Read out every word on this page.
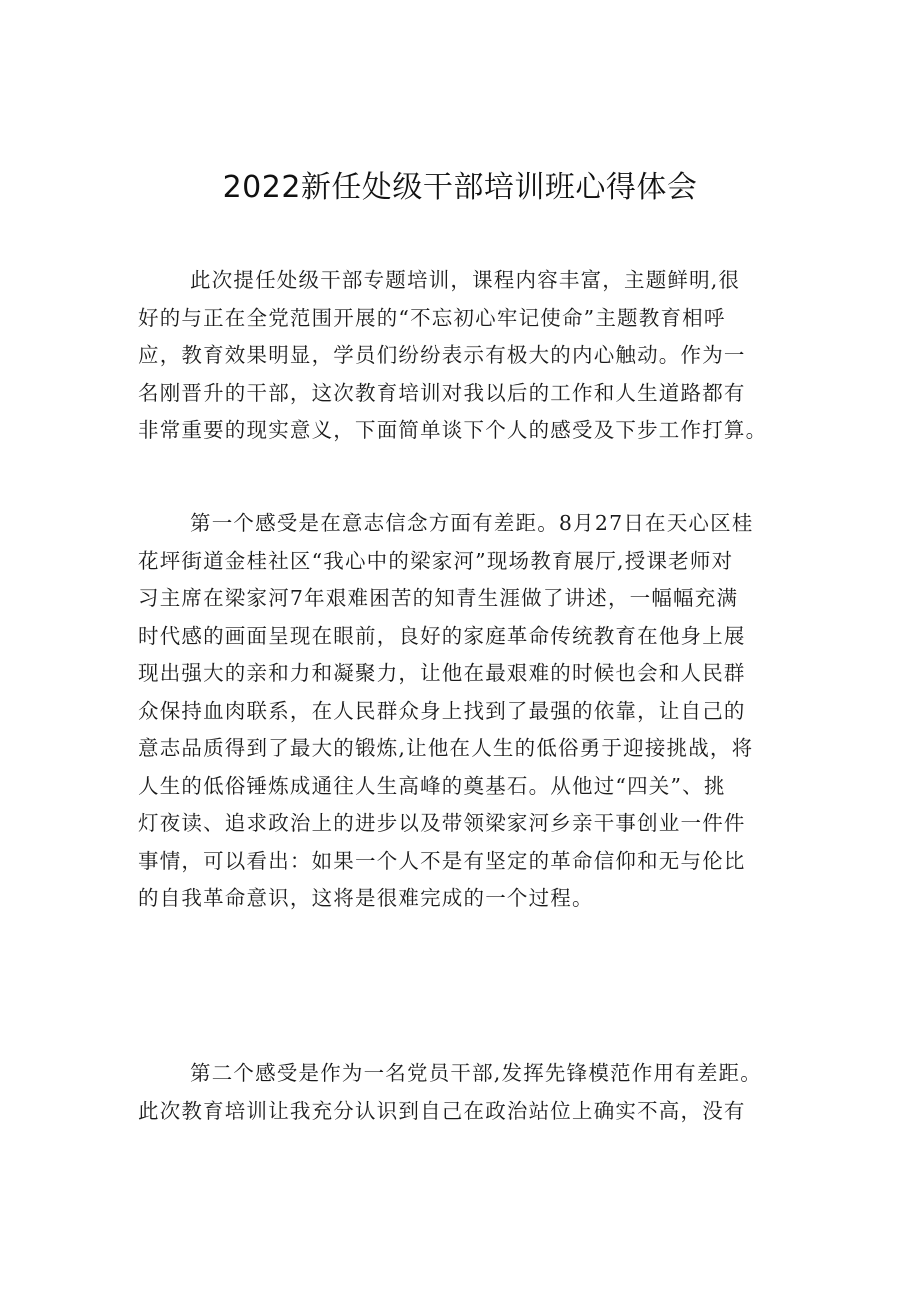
2022新任处级干部培训班心得体会

此次提任处级干部专题培训，课程内容丰富，主题鲜明,很
好的与正在全党范围开展的“不忘初心牢记使命”主题教育相呼
应，教育效果明显，学员们纷纷表示有极大的内心触动。作为一
名刚晋升的干部，这次教育培训对我以后的工作和人生道路都有
非常重要的现实意义，下面简单谈下个人的感受及下步工作打算。

第一个感受是在意志信念方面有差距。8月27日在天心区桂
花坪街道金桂社区“我心中的梁家河”现场教育展厅,授课老师对
习主席在梁家河7年艰难困苦的知青生涯做了讲述，一幅幅充满
时代感的画面呈现在眼前，良好的家庭革命传统教育在他身上展
现出强大的亲和力和凝聚力，让他在最艰难的时候也会和人民群
众保持血肉联系，在人民群众身上找到了最强的依靠，让自己的
意志品质得到了最大的锻炼,让他在人生的低俗勇于迎接挑战，将
人生的低俗锤炼成通往人生高峰的奠基石。从他过“四关”、挑
灯夜读、追求政治上的进步以及带领梁家河乡亲干事创业一件件
事情，可以看出：如果一个人不是有坚定的革命信仰和无与伦比
的自我革命意识，这将是很难完成的一个过程。

第二个感受是作为一名党员干部,发挥先锋模范作用有差距。
此次教育培训让我充分认识到自己在政治站位上确实不高，没有
